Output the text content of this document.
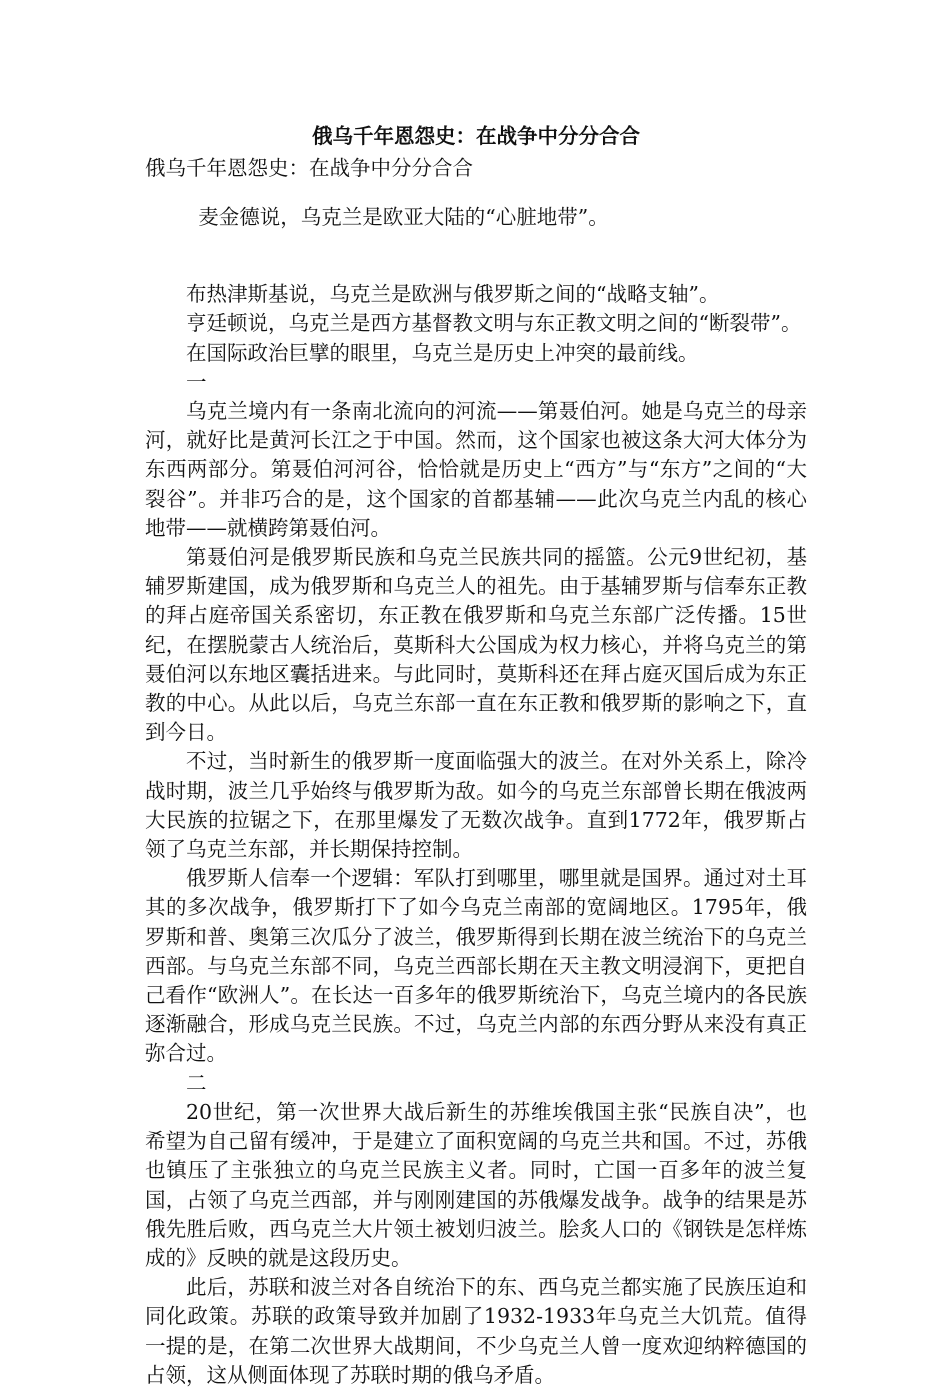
俄乌千年恩怨史：在战争中分分合合

俄乌千年恩怨史：在战争中分分合合

麦金德说，乌克兰是欧亚大陆的“心脏地带”。

布热津斯基说，乌克兰是欧洲与俄罗斯之间的“战略支轴”。

亨廷顿说，乌克兰是西方基督教文明与东正教文明之间的“断裂带”。

在国际政治巨擘的眼里，乌克兰是历史上冲突的最前线。

一

乌克兰境内有一条南北流向的河流——第聂伯河。她是乌克兰的母亲河，就好比是黄河长江之于中国。然而，这个国家也被这条大河大体分为东西两部分。第聂伯河河谷，恰恰就是历史上“西方”与“东方”之间的“大裂谷”。并非巧合的是，这个国家的首都基辅——此次乌克兰内乱的核心地带——就横跨第聂伯河。

第聂伯河是俄罗斯民族和乌克兰民族共同的摇篮。公元9世纪初，基辅罗斯建国，成为俄罗斯和乌克兰人的祖先。由于基辅罗斯与信奉东正教的拜占庭帝国关系密切，东正教在俄罗斯和乌克兰东部广泛传播。15世纪，在摆脱蒙古人统治后，莫斯科大公国成为权力核心，并将乌克兰的第聂伯河以东地区囊括进来。与此同时，莫斯科还在拜占庭灭国后成为东正教的中心。从此以后，乌克兰东部一直在东正教和俄罗斯的影响之下，直到今日。

不过，当时新生的俄罗斯一度面临强大的波兰。在对外关系上，除冷战时期，波兰几乎始终与俄罗斯为敌。如今的乌克兰东部曾长期在俄波两大民族的拉锯之下，在那里爆发了无数次战争。直到1772年，俄罗斯占领了乌克兰东部，并长期保持控制。

俄罗斯人信奉一个逻辑：军队打到哪里，哪里就是国界。通过对土耳其的多次战争，俄罗斯打下了如今乌克兰南部的宽阔地区。1795年，俄罗斯和普、奥第三次瓜分了波兰，俄罗斯得到长期在波兰统治下的乌克兰西部。与乌克兰东部不同，乌克兰西部长期在天主教文明浸润下，更把自己看作“欧洲人”。在长达一百多年的俄罗斯统治下，乌克兰境内的各民族逐渐融合，形成乌克兰民族。不过，乌克兰内部的东西分野从来没有真正弥合过。

二

20世纪，第一次世界大战后新生的苏维埃俄国主张“民族自决”，也希望为自己留有缓冲，于是建立了面积宽阔的乌克兰共和国。不过，苏俄也镇压了主张独立的乌克兰民族主义者。同时，亡国一百多年的波兰复国，占领了乌克兰西部，并与刚刚建国的苏俄爆发战争。战争的结果是苏俄先胜后败，西乌克兰大片领土被划归波兰。脍炙人口的《钢铁是怎样炼成的》反映的就是这段历史。

此后，苏联和波兰对各自统治下的东、西乌克兰都实施了民族压迫和同化政策。苏联的政策导致并加剧了1932-1933年乌克兰大饥荒。值得一提的是，在第二次世界大战期间，不少乌克兰人曾一度欢迎纳粹德国的占领，这从侧面体现了苏联时期的俄乌矛盾。
